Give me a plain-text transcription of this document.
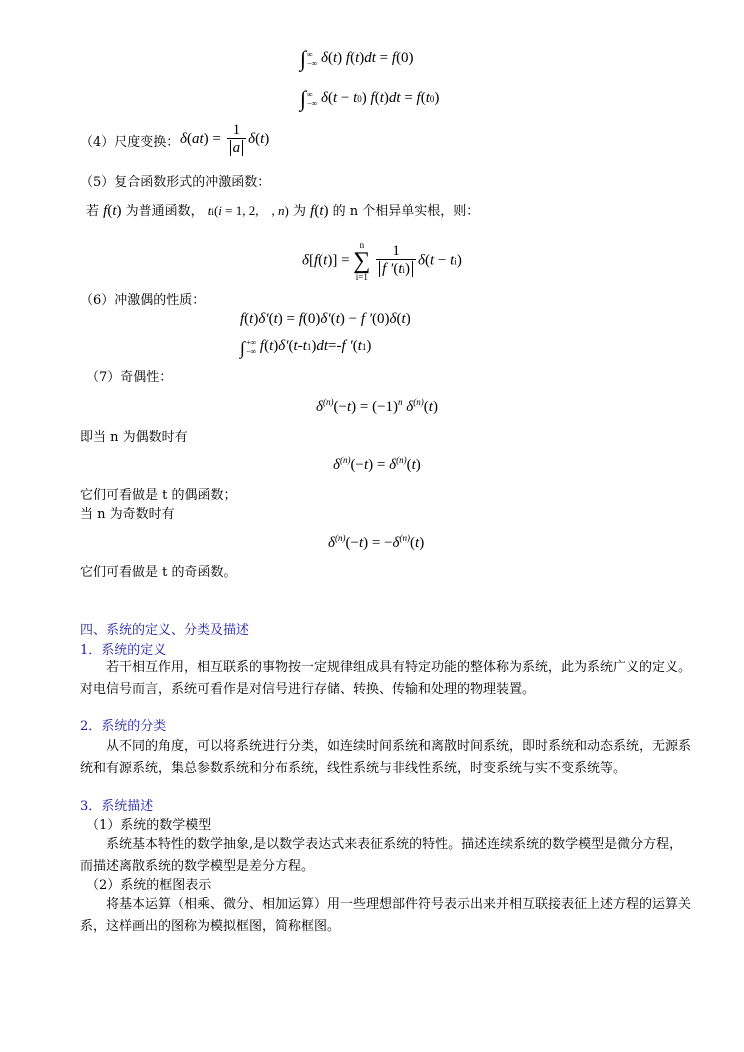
∫ ∞
−∞ δ(t) f(t)dt = f(0)
∫ ∞
−∞ δ(t − t0) f(t)dt = f(t0)
（4）尺度变换： $\delta(at) = \frac{1}{a} \delta(t)$
（5）复合函数形式的冲激函数：
若 f(t) 为普通函数， ti(i = 1, 2,    , n) 为 f(t) 的 n 个相异单实根，则：
δ[f(t)] =
n
∑
i=1
$\frac{1}{f '(ti)} \delta(t - ti)$
（6）冲激偶的性质：
f(t)δ′(t) = f(0)δ′(t) − f ′(0)δ(t)
∫ +∞
−∞ f(t)δ′(t-t1)dt=-f ′(t1)
（7）奇偶性：
$\delta^{(n)}(-t) = (-1)^n$ $\delta^{(n)}(t)$
即当 n 为偶数时有
$\delta^{(n)}(-t) = \delta^{(n)}(t)$
它们可看做是 t 的偶函数；
当 n 为奇数时有
$\delta^{(n)}(-t) = -\delta^{(n)}(t)$
它们可看做是 t 的奇函数。
四、系统的定义、分类及描述
1．系统的定义
若干相互作用，相互联系的事物按一定规律组成具有特定功能的整体称为系统，此为系统广义的定义。对电信号而言，系统可看作是对信号进行存储、转换、传输和处理的物理装置。
2．系统的分类
从不同的角度，可以将系统进行分类，如连续时间系统和离散时间系统，即时系统和动态系统，无源系统和有源系统，集总参数系统和分布系统，线性系统与非线性系统，时变系统与实不变系统等。
3．系统描述
（1）系统的数学模型
系统基本特性的数学抽象,是以数学表达式来表征系统的特性。描述连续系统的数学模型是微分方程，而描述离散系统的数学模型是差分方程。
（2）系统的框图表示
将基本运算（相乘、微分、相加运算）用一些理想部件符号表示出来并相互联接表征上述方程的运算关系，这样画出的图称为模拟框图，简称框图。
